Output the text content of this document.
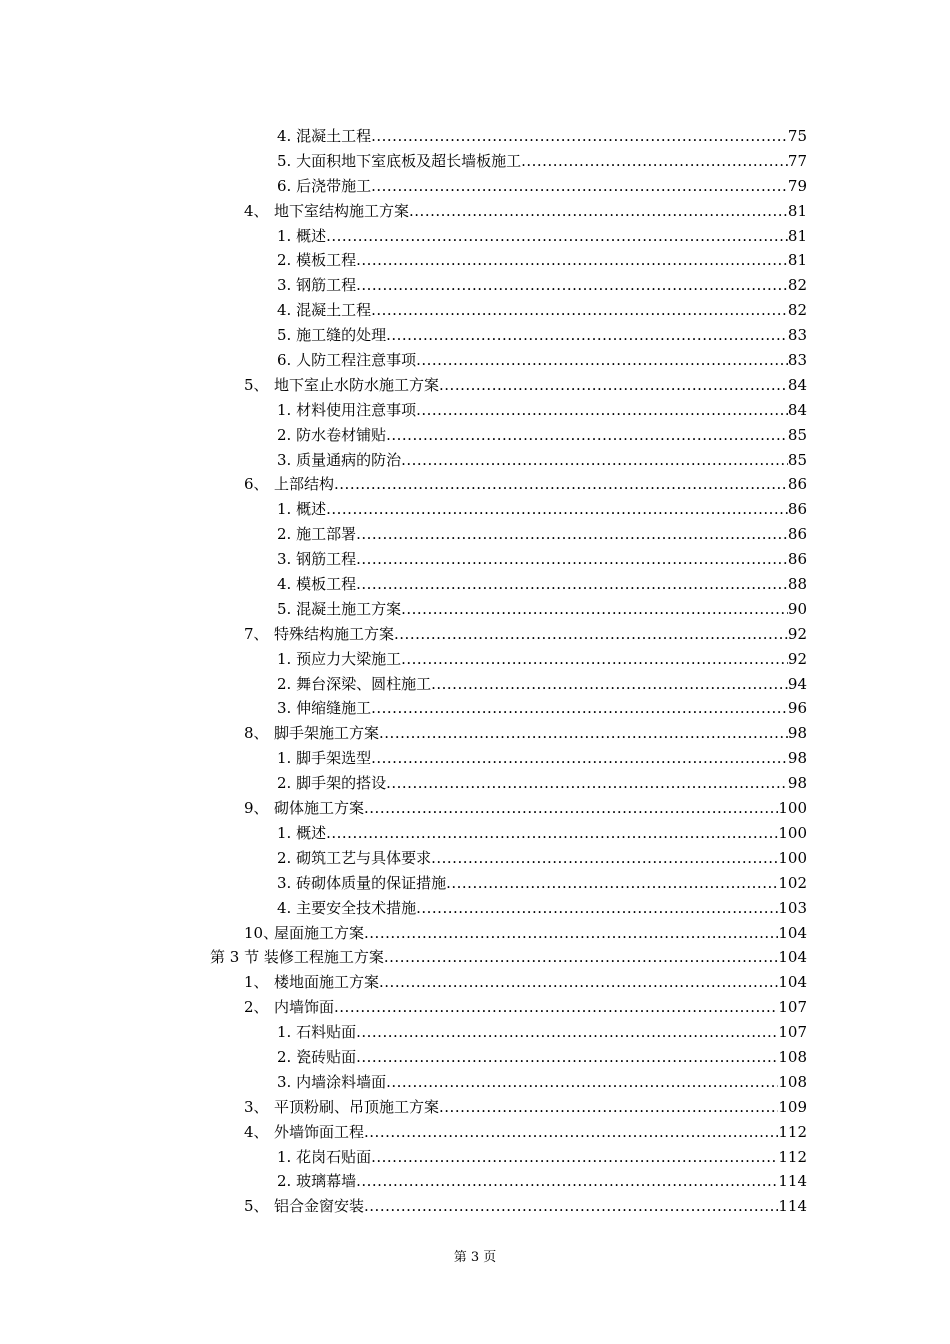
4. 混凝土工程 .....	75
5. 大面积地下室底板及超长墙板施工 .....	77
6. 后浇带施工 .....	79
4、 地下室结构施工方案 .....	81
1. 概述 .....	81
2. 模板工程 .....	81
3. 钢筋工程 .....	82
4. 混凝土工程 .....	82
5. 施工缝的处理 .....	83
6. 人防工程注意事项 .....	83
5、 地下室止水防水施工方案 .....	84
1. 材料使用注意事项 .....	84
2. 防水卷材铺贴 .....	85
3. 质量通病的防治 .....	85
6、 上部结构 .....	86
1. 概述 .....	86
2. 施工部署 .....	86
3. 钢筋工程 .....	86
4. 模板工程 .....	88
5. 混凝土施工方案 .....	90
7、 特殊结构施工方案 .....	92
1. 预应力大梁施工 .....	92
2. 舞台深梁、圆柱施工 .....	94
3. 伸缩缝施工 .....	96
8、 脚手架施工方案 .....	98
1. 脚手架选型 .....	98
2. 脚手架的搭设 .....	98
9、 砌体施工方案 .....	100
1. 概述 .....	100
2. 砌筑工艺与具体要求 .....	100
3. 砖砌体质量的保证措施 .....	102
4. 主要安全技术措施 .....	103
10、屋面施工方案 .....	104
第 3 节 装修工程施工方案 .....	104
1、 楼地面施工方案 .....	104
2、 内墙饰面 .....	107
1. 石料贴面 .....	107
2. 瓷砖贴面 .....	108
3. 内墙涂料墙面 .....	108
3、 平顶粉刷、吊顶施工方案 .....	109
4、 外墙饰面工程 .....	112
1. 花岗石贴面 .....	112
2. 玻璃幕墙 .....	114
5、 铝合金窗安装 .....	114
第 3 页
